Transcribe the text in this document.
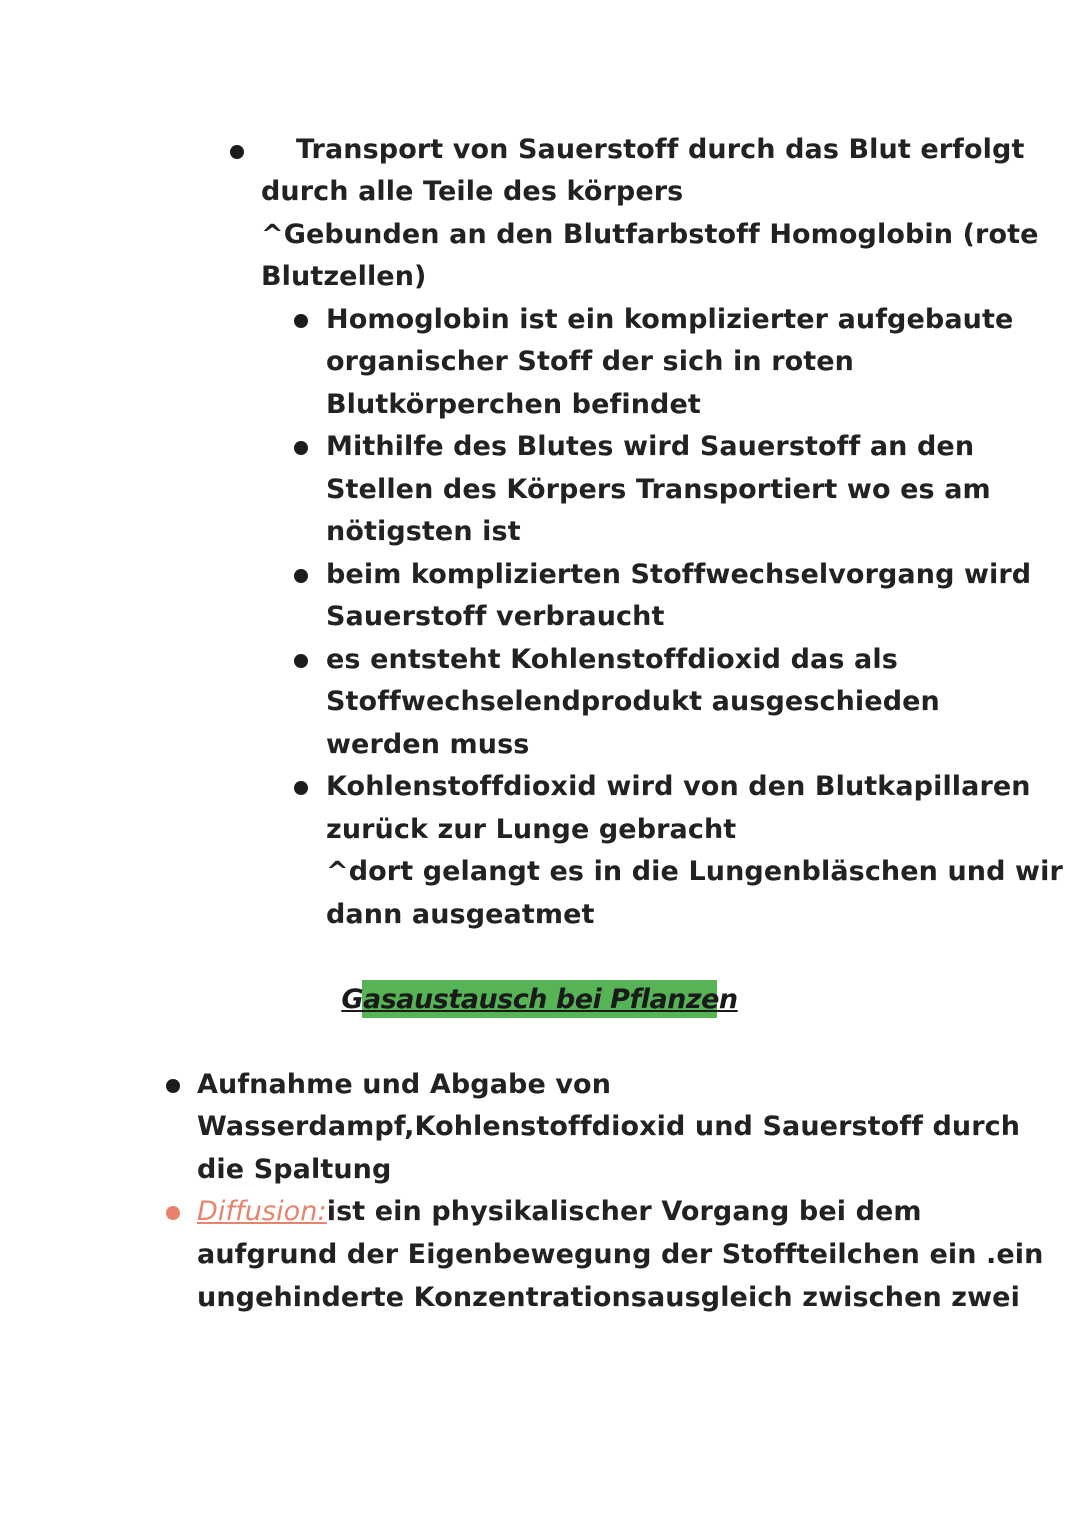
Transport von Sauerstoff durch das Blut erfolgt
durch alle Teile des körpers
^Gebunden an den Blutfarbstoff Homoglobin (rote
Blutzellen)
Homoglobin ist ein komplizierter aufgebaute
organischer Stoff der sich in roten
Blutkörperchen befindet
Mithilfe des Blutes wird Sauerstoff an den
Stellen des Körpers Transportiert wo es am
nötigsten ist
beim komplizierten Stoffwechselvorgang wird
Sauerstoff verbraucht
es entsteht Kohlenstoffdioxid das als
Stoffwechselendprodukt ausgeschieden
werden muss
Kohlenstoffdioxid wird von den Blutkapillaren
zurück zur Lunge gebracht
^dort gelangt es in die Lungenbläschen und wir
dann ausgeatmet
Gasaustausch bei Pflanzen
Aufnahme und Abgabe von
Wasserdampf,Kohlenstoffdioxid und Sauerstoff durch
die Spaltung
Diffusion:ist ein physikalischer Vorgang bei dem
aufgrund der Eigenbewegung der Stoffteilchen ein .ein
ungehinderte Konzentrationsausgleich zwischen zwei
